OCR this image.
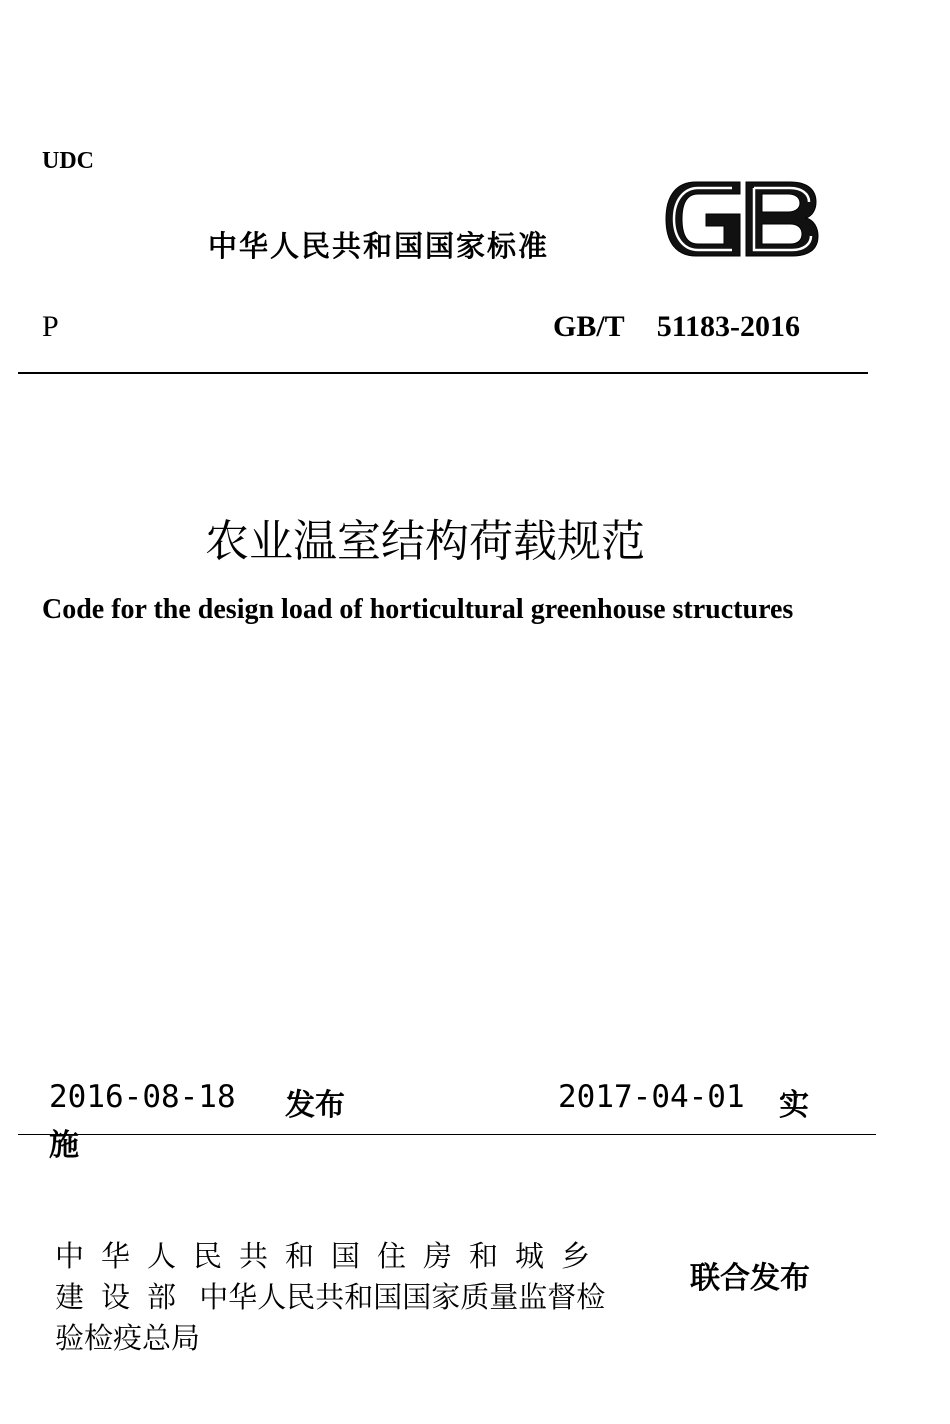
UDC
中华人民共和国国家标准
P	GB/T 51183-2016
农业温室结构荷载规范
Code for the design load of horticultural greenhouse structures
2016-08-18 发布	2017-04-01 实
施
中华人民共和国住房和城乡
建设部 中华人民共和国国家质量监督检
验检疫总局
联合发布
